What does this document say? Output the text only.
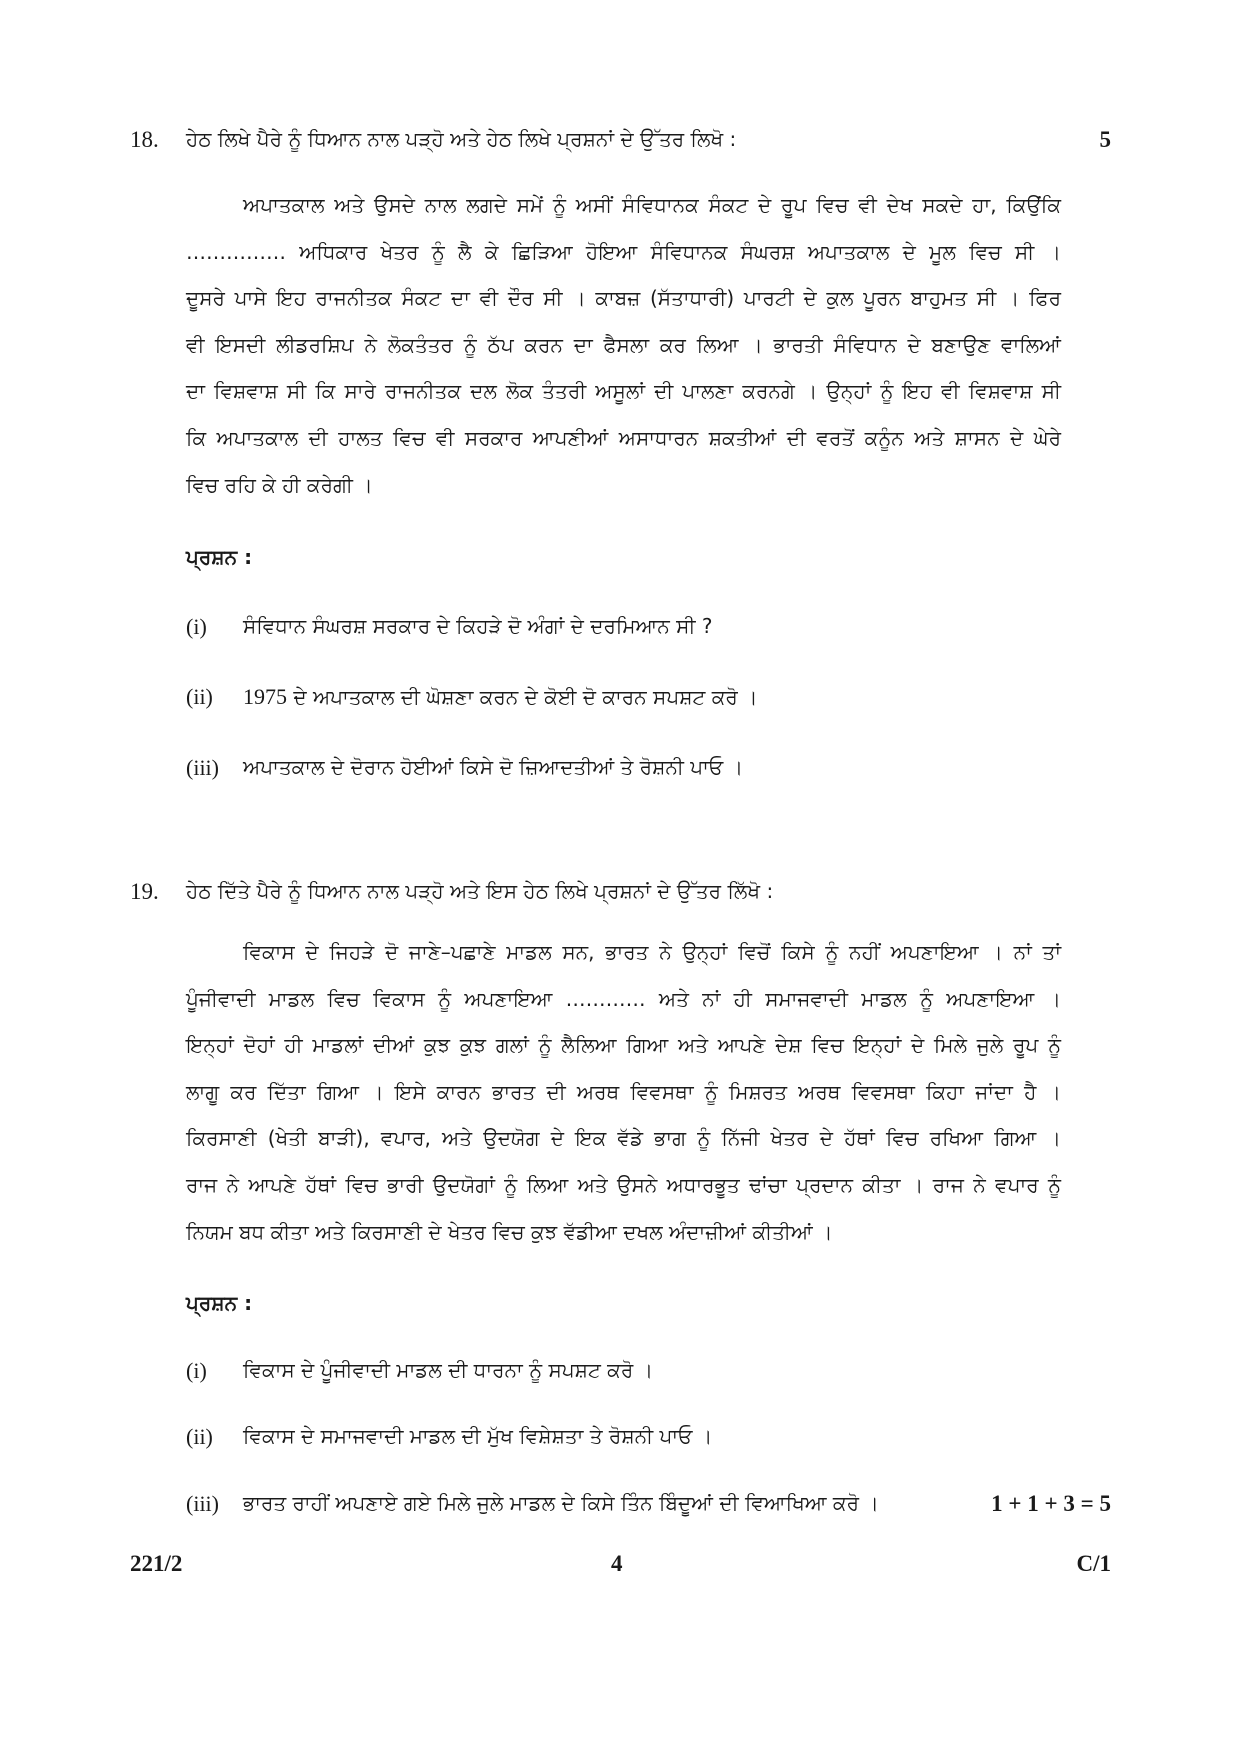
18. ਹੇਠ ਲਿਖੇ ਪੈਰੇ ਨੂੰ ਧਿਆਨ ਨਾਲ ਪੜ੍ਹੋ ਅਤੇ ਹੇਠ ਲਿਖੇ ਪ੍ਰਸ਼ਨਾਂ ਦੇ ਉੱਤਰ ਲਿਖੋ :	5
ਅਪਾਤਕਾਲ ਅਤੇ ਉਸਦੇ ਨਾਲ ਲਗਦੇ ਸਮੇਂ ਨੂੰ ਅਸੀਂ ਸੰਵਿਧਾਨਕ ਸੰਕਟ ਦੇ ਰੂਪ ਵਿਚ ਵੀ ਦੇਖ ਸਕਦੇ ਹਾ, ਕਿਉਂਕਿ
…………… ਅਧਿਕਾਰ ਖੇਤਰ ਨੂੰ ਲੈ ਕੇ ਛਿੜਿਆ ਹੋਇਆ ਸੰਵਿਧਾਨਕ ਸੰਘਰਸ਼ ਅਪਾਤਕਾਲ ਦੇ ਮੂਲ ਵਿਚ ਸੀ ।
ਦੂਸਰੇ ਪਾਸੇ ਇਹ ਰਾਜਨੀਤਕ ਸੰਕਟ ਦਾ ਵੀ ਦੌਰ ਸੀ । ਕਾਬਜ਼ (ਸੱਤਾਧਾਰੀ) ਪਾਰਟੀ ਦੇ ਕੁਲ ਪੂਰਨ ਬਾਹੁਮਤ ਸੀ । ਫਿਰ
ਵੀ ਇਸਦੀ ਲੀਡਰਸ਼ਿਪ ਨੇ ਲੋਕਤੰਤਰ ਨੂੰ ਠੱਪ ਕਰਨ ਦਾ ਫੈਸਲਾ ਕਰ ਲਿਆ । ਭਾਰਤੀ ਸੰਵਿਧਾਨ ਦੇ ਬਣਾਉਣ ਵਾਲਿਆਂ
ਦਾ ਵਿਸ਼ਵਾਸ਼ ਸੀ ਕਿ ਸਾਰੇ ਰਾਜਨੀਤਕ ਦਲ ਲੋਕ ਤੰਤਰੀ ਅਸੂਲਾਂ ਦੀ ਪਾਲਣਾ ਕਰਨਗੇ । ਉਨ੍ਹਾਂ ਨੂੰ ਇਹ ਵੀ ਵਿਸ਼ਵਾਸ਼ ਸੀ
ਕਿ ਅਪਾਤਕਾਲ ਦੀ ਹਾਲਤ ਵਿਚ ਵੀ ਸਰਕਾਰ ਆਪਣੀਆਂ ਅਸਾਧਾਰਨ ਸ਼ਕਤੀਆਂ ਦੀ ਵਰਤੋਂ ਕਨੂੰਨ ਅਤੇ ਸ਼ਾਸਨ ਦੇ ਘੇਰੇ
ਵਿਚ ਰਹਿ ਕੇ ਹੀ ਕਰੇਗੀ ।
ਪ੍ਰਸ਼ਨ :
(i) ਸੰਵਿਧਾਨ ਸੰਘਰਸ਼ ਸਰਕਾਰ ਦੇ ਕਿਹੜੇ ਦੋ ਅੰਗਾਂ ਦੇ ਦਰਮਿਆਨ ਸੀ ?
(ii) 1975 ਦੇ ਅਪਾਤਕਾਲ ਦੀ ਘੋਸ਼ਣਾ ਕਰਨ ਦੇ ਕੋਈ ਦੋ ਕਾਰਨ ਸਪਸ਼ਟ ਕਰੋ ।
(iii) ਅਪਾਤਕਾਲ ਦੇ ਦੋਰਾਨ ਹੋਈਆਂ ਕਿਸੇ ਦੋ ਜ਼ਿਆਦਤੀਆਂ ਤੇ ਰੋਸ਼ਨੀ ਪਾਓ ।
19. ਹੇਠ ਦਿੱਤੇ ਪੈਰੇ ਨੂੰ ਧਿਆਨ ਨਾਲ ਪੜ੍ਹੋ ਅਤੇ ਇਸ ਹੇਠ ਲਿਖੇ ਪ੍ਰਸ਼ਨਾਂ ਦੇ ਉੱਤਰ ਲਿੱਖੋ :
ਵਿਕਾਸ ਦੇ ਜਿਹੜੇ ਦੋ ਜਾਣੇ–ਪਛਾਣੇ ਮਾਡਲ ਸਨ, ਭਾਰਤ ਨੇ ਉਨ੍ਹਾਂ ਵਿਚੋਂ ਕਿਸੇ ਨੂੰ ਨਹੀਂ ਅਪਣਾਇਆ । ਨਾਂ ਤਾਂ
ਪੂੰਜੀਵਾਦੀ ਮਾਡਲ ਵਿਚ ਵਿਕਾਸ ਨੂੰ ਅਪਣਾਇਆ ………… ਅਤੇ ਨਾਂ ਹੀ ਸਮਾਜਵਾਦੀ ਮਾਡਲ ਨੂੰ ਅਪਣਾਇਆ ।
ਇਨ੍ਹਾਂ ਦੋਹਾਂ ਹੀ ਮਾਡਲਾਂ ਦੀਆਂ ਕੁਝ ਕੁਝ ਗਲਾਂ ਨੂੰ ਲੈਲਿਆ ਗਿਆ ਅਤੇ ਆਪਣੇ ਦੇਸ਼ ਵਿਚ ਇਨ੍ਹਾਂ ਦੇ ਮਿਲੇ ਜੁਲੇ ਰੂਪ ਨੂੰ
ਲਾਗੂ ਕਰ ਦਿੱਤਾ ਗਿਆ । ਇਸੇ ਕਾਰਨ ਭਾਰਤ ਦੀ ਅਰਥ ਵਿਵਸਥਾ ਨੂੰ ਮਿਸ਼ਰਤ ਅਰਥ ਵਿਵਸਥਾ ਕਿਹਾ ਜਾਂਦਾ ਹੈ ।
ਕਿਰਸਾਣੀ (ਖੇਤੀ ਬਾੜੀ), ਵਪਾਰ, ਅਤੇ ਉਦਯੋਗ ਦੇ ਇਕ ਵੱਡੇ ਭਾਗ ਨੂੰ ਨਿੱਜੀ ਖੇਤਰ ਦੇ ਹੱਥਾਂ ਵਿਚ ਰਖਿਆ ਗਿਆ ।
ਰਾਜ ਨੇ ਆਪਣੇ ਹੱਥਾਂ ਵਿਚ ਭਾਰੀ ਉਦਯੋਗਾਂ ਨੂੰ ਲਿਆ ਅਤੇ ਉਸਨੇ ਅਧਾਰਭੂਤ ਢਾਂਚਾ ਪ੍ਰਦਾਨ ਕੀਤਾ । ਰਾਜ ਨੇ ਵਪਾਰ ਨੂੰ
ਨਿਯਮ ਬਧ ਕੀਤਾ ਅਤੇ ਕਿਰਸਾਣੀ ਦੇ ਖੇਤਰ ਵਿਚ ਕੁਝ ਵੱਡੀਆ ਦਖਲ ਅੰਦਾਜ਼ੀਆਂ ਕੀਤੀਆਂ ।
ਪ੍ਰਸ਼ਨ :
(i) ਵਿਕਾਸ ਦੇ ਪੂੰਜੀਵਾਦੀ ਮਾਡਲ ਦੀ ਧਾਰਨਾ ਨੂੰ ਸਪਸ਼ਟ ਕਰੋ ।
(ii) ਵਿਕਾਸ ਦੇ ਸਮਾਜਵਾਦੀ ਮਾਡਲ ਦੀ ਮੁੱਖ ਵਿਸ਼ੇਸ਼ਤਾ ਤੇ ਰੋਸ਼ਨੀ ਪਾਓ ।
(iii) ਭਾਰਤ ਰਾਹੀਂ ਅਪਣਾਏ ਗਏ ਮਿਲੇ ਜੁਲੇ ਮਾਡਲ ਦੇ ਕਿਸੇ ਤਿੰਨ ਬਿੰਦੂਆਂ ਦੀ ਵਿਆਖਿਆ ਕਰੋ ।	1 + 1 + 3 = 5
221/2	4	C/1
